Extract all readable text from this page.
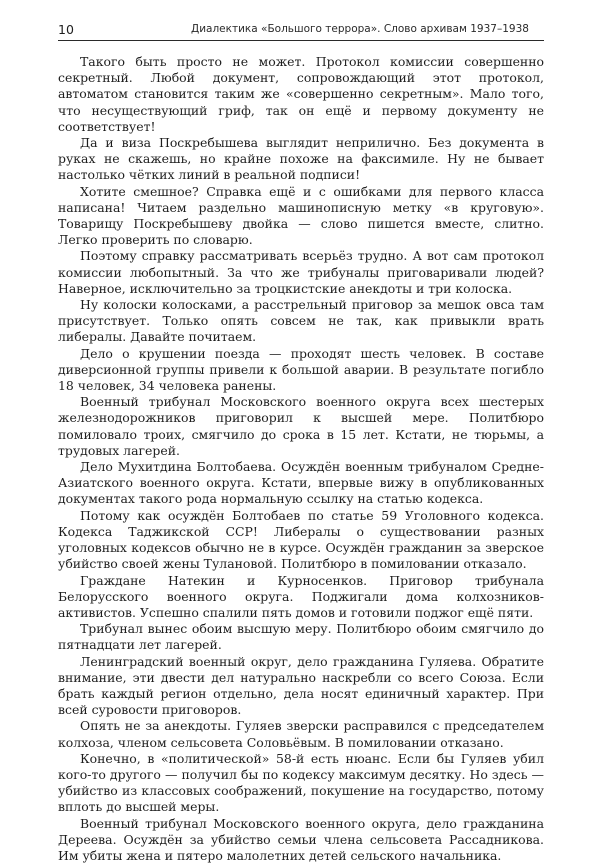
10	Диалектика «Большого террора». Слово архивам 1937–1938

Такого быть просто не может. Протокол комиссии совершенно секретный. Любой документ, сопровождающий этот протокол, автоматом становится таким же «совершенно секретным». Мало того, что несуществующий гриф, так он ещё и первому документу не соответствует!

Да и виза Поскребышева выглядит неприлично. Без документа в руках не скажешь, но крайне похоже на факсимиле. Ну не бывает настолько чётких линий в реальной подписи!

Хотите смешное? Справка ещё и с ошибками для первого класса написана! Читаем раздельно машинописную метку «в круговую». Товарищу Поскребышеву двойка — слово пишется вместе, слитно. Легко проверить по словарю.

Поэтому справку рассматривать всерьёз трудно. А вот сам протокол комиссии любопытный. За что же трибуналы приговаривали людей? Наверное, исключительно за троцкистские анекдоты и три колоска.

Ну колоски колосками, а расстрельный приговор за мешок овса там присутствует. Только опять совсем не так, как привыкли врать либералы. Давайте почитаем.

Дело о крушении поезда — проходят шесть человек. В составе диверсионной группы привели к большой аварии. В результате погибло 18 человек, 34 человека ранены.

Военный трибунал Московского военного округа всех шестерых железнодорожников приговорил к высшей мере. Политбюро помиловало троих, смягчило до срока в 15 лет. Кстати, не тюрьмы, а трудовых лагерей.

Дело Мухитдина Болтобаева. Осуждён военным трибуналом Средне-Азиатского военного округа. Кстати, впервые вижу в опубликованных документах такого рода нормальную ссылку на статью кодекса.

Потому как осуждён Болтобаев по статье 59 Уголовного кодекса. Кодекса Таджикской ССР! Либералы о существовании разных уголовных кодексов обычно не в курсе. Осуждён гражданин за зверское убийство своей жены Тулановой. Политбюро в помиловании отказало.

Граждане Натекин и Курносенков. Приговор трибунала Белорусского военного округа. Поджигали дома колхозников-активистов. Успешно спалили пять домов и готовили поджог ещё пяти.

Трибунал вынес обоим высшую меру. Политбюро обоим смягчило до пятнадцати лет лагерей.

Ленинградский военный округ, дело гражданина Гуляева. Обратите внимание, эти двести дел натурально наскребли со всего Союза. Если брать каждый регион отдельно, дела носят единичный характер. При всей суровости приговоров.

Опять не за анекдоты. Гуляев зверски расправился с председателем колхоза, членом сельсовета Соловьёвым. В помиловании отказано.

Конечно, в «политической» 58-й есть нюанс. Если бы Гуляев убил кого-то другого — получил бы по кодексу максимум десятку. Но здесь — убийство из классовых соображений, покушение на государство, потому вплоть до высшей меры.

Военный трибунал Московского военного округа, дело гражданина Дереева. Осуждён за убийство семьи члена сельсовета Рассадникова. Им убиты жена и пятеро малолетних детей сельского начальника.
